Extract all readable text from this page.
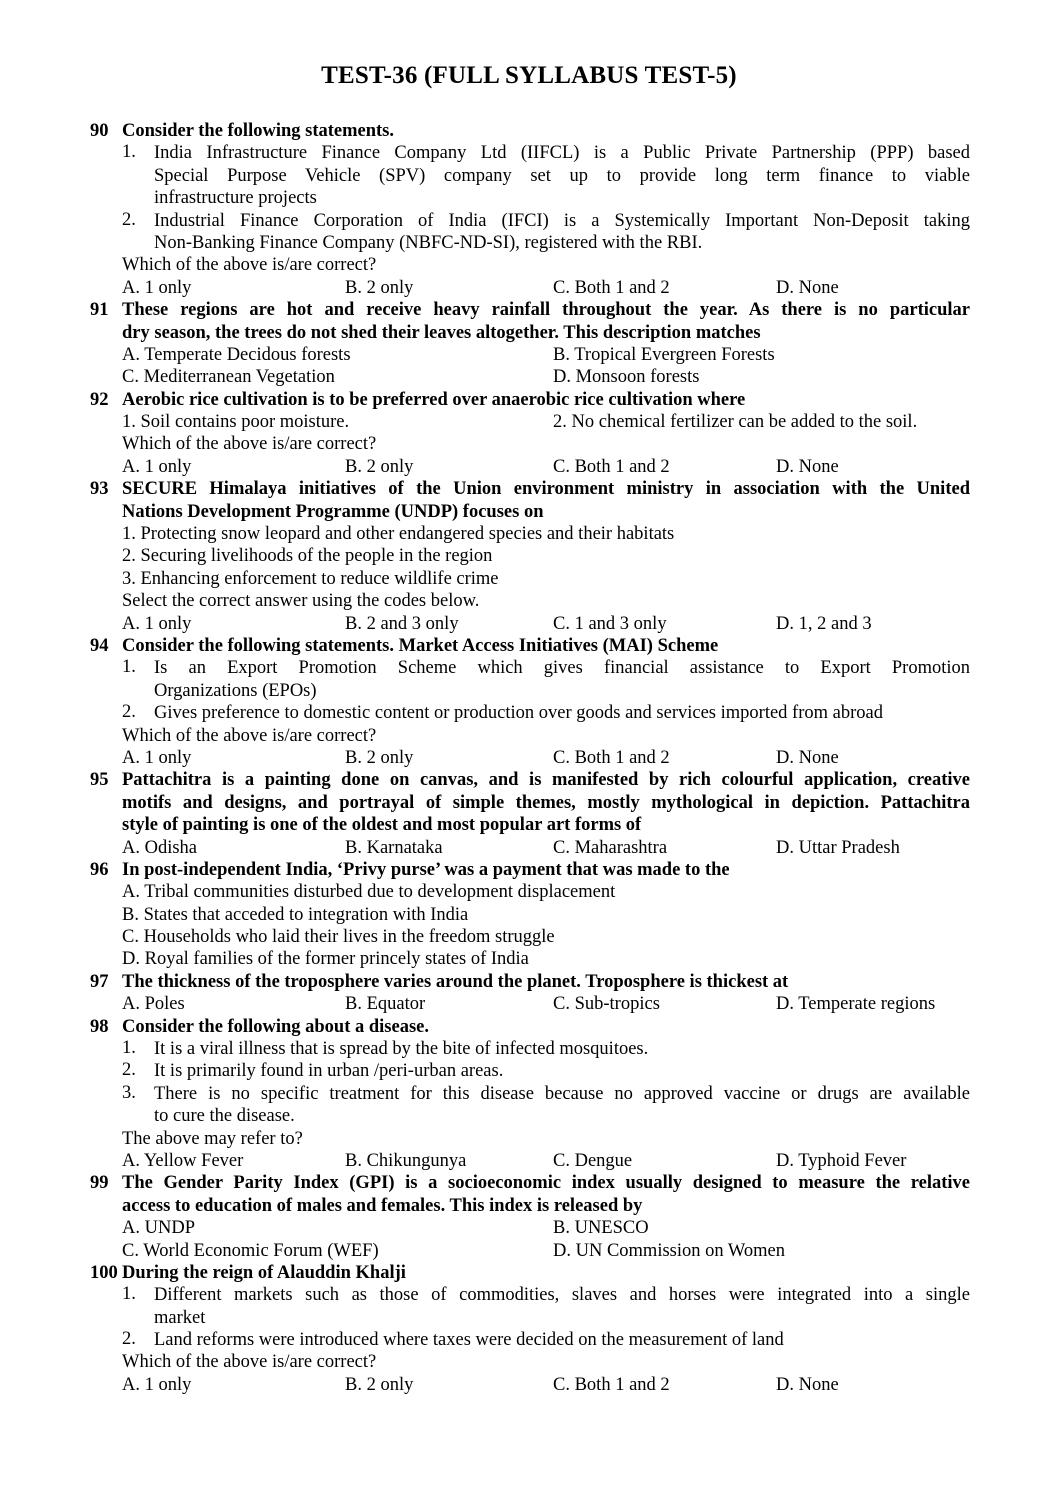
TEST-36 (FULL SYLLABUS TEST-5)
90 Consider the following statements.
1. India Infrastructure Finance Company Ltd (IIFCL) is a Public Private Partnership (PPP) based
Special Purpose Vehicle (SPV) company set up to provide long term finance to viable
infrastructure projects
2. Industrial Finance Corporation of India (IFCI) is a Systemically Important Non-Deposit taking
Non-Banking Finance Company (NBFC-ND-SI), registered with the RBI.
Which of the above is/are correct?
A. 1 only	B. 2 only	C. Both 1 and 2	D. None
91 These regions are hot and receive heavy rainfall throughout the year. As there is no particular
dry season, the trees do not shed their leaves altogether. This description matches
A. Temperate Decidous forests	B. Tropical Evergreen Forests
C. Mediterranean Vegetation	D. Monsoon forests
92 Aerobic rice cultivation is to be preferred over anaerobic rice cultivation where
1. Soil contains poor moisture.	2. No chemical fertilizer can be added to the soil.
Which of the above is/are correct?
A. 1 only	B. 2 only	C. Both 1 and 2	D. None
93 SECURE Himalaya initiatives of the Union environment ministry in association with the United
Nations Development Programme (UNDP) focuses on
1. Protecting snow leopard and other endangered species and their habitats
2. Securing livelihoods of the people in the region
3. Enhancing enforcement to reduce wildlife crime
Select the correct answer using the codes below.
A. 1 only	B. 2 and 3 only	C. 1 and 3 only	D. 1, 2 and 3
94 Consider the following statements. Market Access Initiatives (MAI) Scheme
1. Is an Export Promotion Scheme which gives financial assistance to Export Promotion
Organizations (EPOs)
2. Gives preference to domestic content or production over goods and services imported from abroad
Which of the above is/are correct?
A. 1 only	B. 2 only	C. Both 1 and 2	D. None
95 Pattachitra is a painting done on canvas, and is manifested by rich colourful application, creative
motifs and designs, and portrayal of simple themes, mostly mythological in depiction. Pattachitra
style of painting is one of the oldest and most popular art forms of
A. Odisha	B. Karnataka	C. Maharashtra	D. Uttar Pradesh
96 In post-independent India, ‘Privy purse’ was a payment that was made to the
A. Tribal communities disturbed due to development displacement
B. States that acceded to integration with India
C. Households who laid their lives in the freedom struggle
D. Royal families of the former princely states of India
97 The thickness of the troposphere varies around the planet. Troposphere is thickest at
A. Poles	B. Equator	C. Sub-tropics	D. Temperate regions
98 Consider the following about a disease.
1. It is a viral illness that is spread by the bite of infected mosquitoes.
2. It is primarily found in urban /peri-urban areas.
3. There is no specific treatment for this disease because no approved vaccine or drugs are available
to cure the disease.
The above may refer to?
A. Yellow Fever	B. Chikungunya	C. Dengue	D. Typhoid Fever
99 The Gender Parity Index (GPI) is a socioeconomic index usually designed to measure the relative
access to education of males and females. This index is released by
A. UNDP	B. UNESCO
C. World Economic Forum (WEF)	D. UN Commission on Women
100 During the reign of Alauddin Khalji
1. Different markets such as those of commodities, slaves and horses were integrated into a single
market
2. Land reforms were introduced where taxes were decided on the measurement of land
Which of the above is/are correct?
A. 1 only	B. 2 only	C. Both 1 and 2	D. None
